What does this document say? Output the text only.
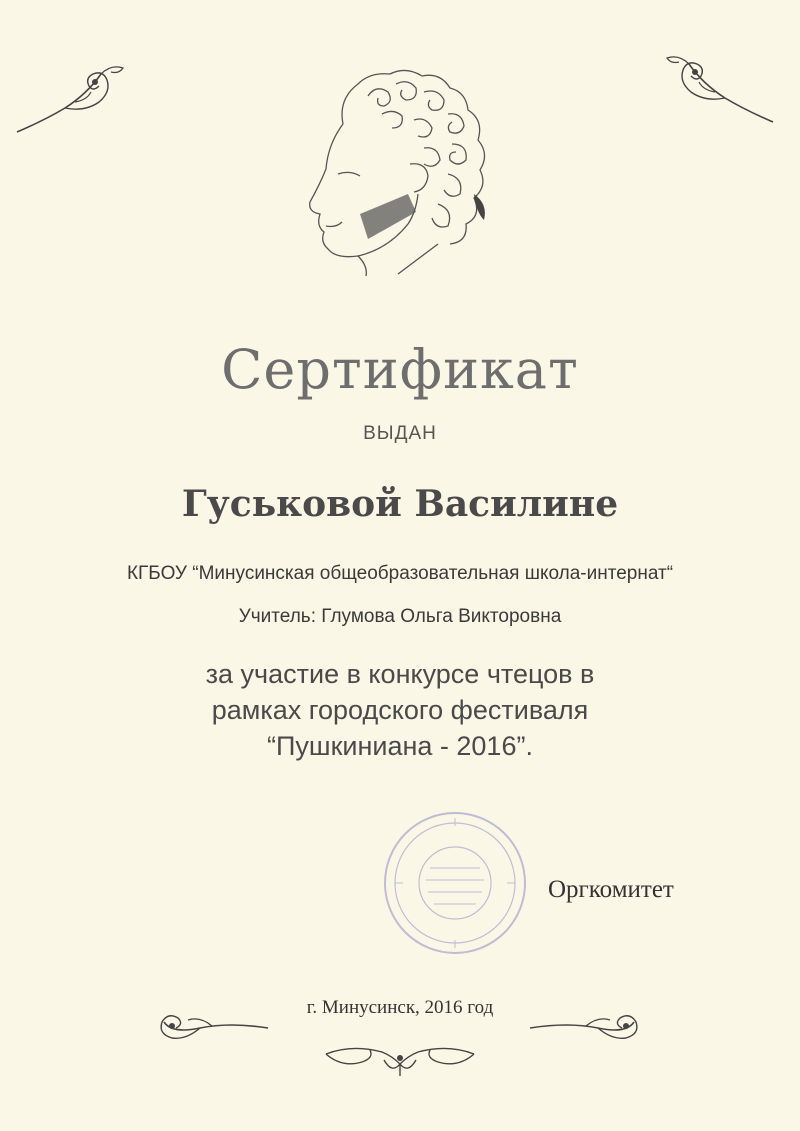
Сертификат
ВЫДАН
Гуськовой Василине
КГБОУ “Минусинская общеобразовательная школа-интернат“
Учитель: Глумова Ольга Викторовна
за участие в конкурсе чтецов в
рамках городского фестиваля
“Пушкиниана - 2016”.
Оргкомитет
г. Минусинск, 2016 год
